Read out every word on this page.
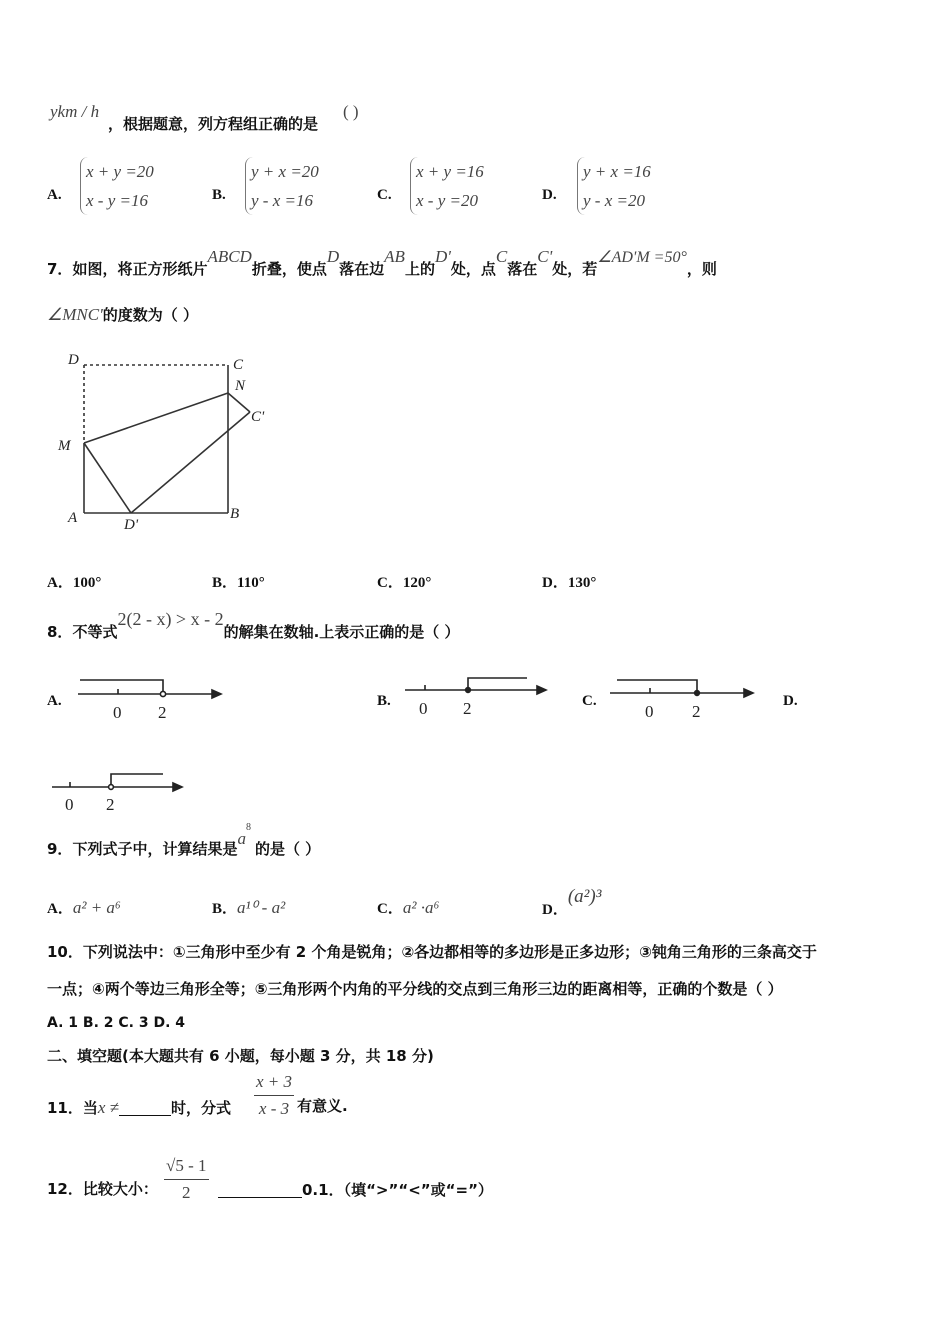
ykm / h
，根据题意，列方程组正确的是
( )
A.
x + y =20
x - y =16	B.
y + x =20
y - x =16	C.
x + y =16
x - y =20	D.
y + x =16
y - x =20
7．如图，将正方形纸片ABCD折叠，使点D落在边AB上的D'处，点C落在C'处，若∠AD'M =50°，则
∠MNC'的度数为（ ）
D	C
N
C'
M
A	D'
B
A．100°	B．110°	C．120°	D．130°
8．不等式2(2 - x) > x - 2的解集在数轴.上表示正确的是（ ）
A.	B.	C.	D.
0 2	0 2	0 2
0 2
9．下列式子中，计算结果是$a^8$的是（ ）
A．a² + a⁶	B．a¹⁰ - a²	C．a² ·a⁶	D．(a²)³
10．下列说法中：①三角形中至少有 2 个角是锐角；②各边都相等的多边形是正多边形；③钝角三角形的三条高交于
一点；④两个等边三角形全等；⑤三角形两个内角的平分线的交点到三角形三边的距离相等，正确的个数是（ ）
A. 1 B. 2 C. 3 D. 4
二、填空题(本大题共有 6 小题，每小题 3 分，共 18 分)
11．当x ≠	时，分式 $\frac{x + 3}{x - 3}$ 有意义.
12．比较大小： $\frac{√5 - 1}{2}$	0.1．（填“>”“<”或“=”）
